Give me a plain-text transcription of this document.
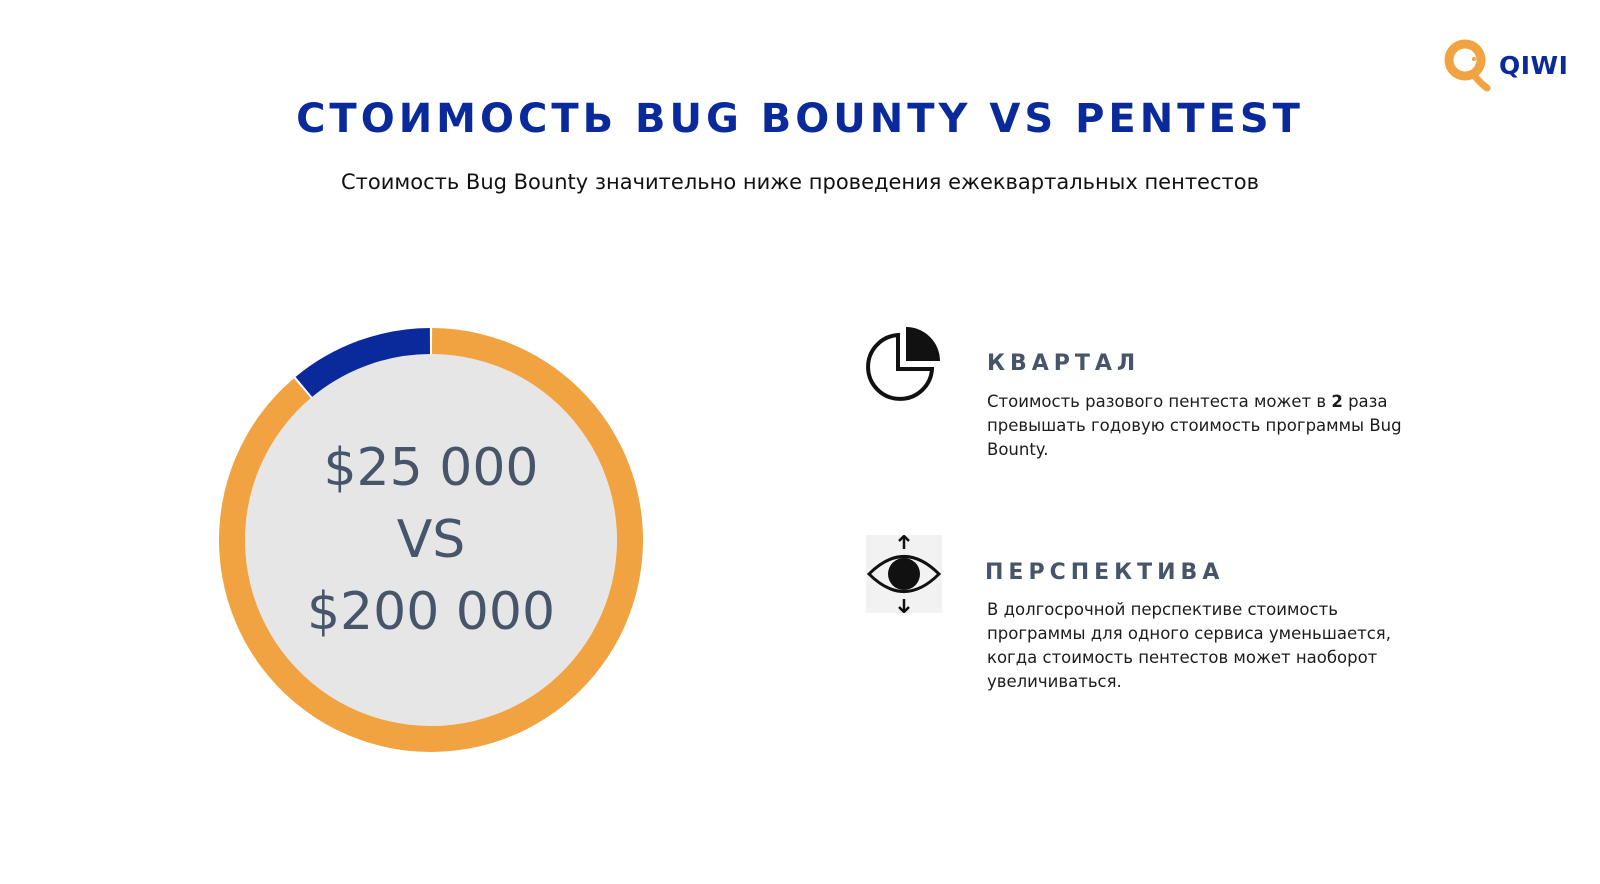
QIWI
СТОИМОСТЬ BUG BOUNTY VS PENTEST
Стоимость Bug Bounty значительно ниже проведения ежеквартальных пентестов
$25 000
VS
$200 000
КВАРТАЛ
Стоимость разового пентеста может в 2 раза превышать годовую стоимость программы Bug Bounty.
ПЕРСПЕКТИВА
В долгосрочной перспективе стоимость программы для одного сервиса уменьшается, когда стоимость пентестов может наоборот увеличиваться.
